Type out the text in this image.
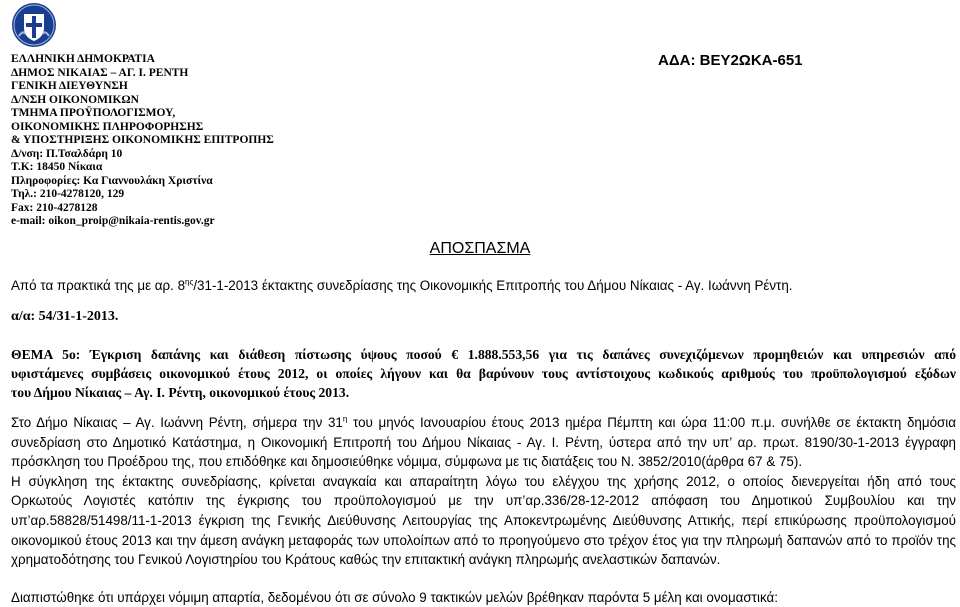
ΕΛΛΗΝΙΚΗ ΔΗΜΟΚΡΑΤΙΑ
ΔΗΜΟΣ ΝΙΚΑΙΑΣ – ΑΓ. Ι. ΡΕΝΤΗ
ΓΕΝΙΚΗ ΔΙΕΥΘΥΝΣΗ
Δ/ΝΣΗ ΟΙΚΟΝΟΜΙΚΩΝ
ΤΜΗΜΑ ΠΡΟΫΠΟΛΟΓΙΣΜΟΥ,
ΟΙΚΟΝΟΜΙΚΗΣ ΠΛΗΡΟΦΟΡΗΣΗΣ
& ΥΠΟΣΤΗΡΙΞΗΣ ΟΙΚΟΝΟΜΙΚΗΣ ΕΠΙΤΡΟΠΗΣ
Δ/νση: Π.Τσαλδάρη 10
Τ.Κ: 18450 Νίκαια
Πληροφορίες: Κα Γιαννουλάκη Χριστίνα
Τηλ.: 210-4278120, 129
Fax: 210-4278128
e-mail: oikon_proip@nikaia-rentis.gov.gr
ΑΔΑ: ΒΕΥ2ΩΚΑ-651
ΑΠΟΣΠΑΣΜΑ
Από τα πρακτικά της με αρ. $8^{\eta\varsigma}/31-1-2013$ έκτακτης συνεδρίασης της Οικονομικής Επιτροπής του Δήμου Νίκαιας - Αγ. Ιωάννη Ρέντη.
α/α: 54/31-1-2013.
ΘΕΜΑ 5ο: Έγκριση δαπάνης και διάθεση πίστωσης ύψους ποσού € 1.888.553,56 για τις δαπάνες συνεχιζόμενων προμηθειών και υπηρεσιών από
υφιστάμενες συμβάσεις οικονομικού έτους 2012, οι οποίες λήγουν και θα βαρύνουν τους αντίστοιχους κωδικούς αριθμούς του προϋπολογισμού εξόδων
του Δήμου Νίκαιας – Αγ. Ι. Ρέντη, οικονομικού έτους 2013.
Στο Δήμο Νίκαιας – Αγ. Ιωάννη Ρέντη, σήμερα την $31^\eta$ του μηνός Ιανουαρίου έτους 2013 ημέρα Πέμπτη και ώρα 11:00 π.μ. συνήλθε σε έκτακτη δημόσια
συνεδρίαση στο Δημοτικό Κατάστημα, η Οικονομική Επιτροπή του Δήμου Νίκαιας - Αγ. Ι. Ρέντη, ύστερα από την υπ’ αρ. πρωτ. 8190/30-1-2013 έγγραφη
πρόσκληση του Προέδρου της, που επιδόθηκε και δημοσιεύθηκε νόμιμα, σύμφωνα με τις διατάξεις του Ν. 3852/2010(άρθρα 67 & 75).
Η σύγκληση της έκτακτης συνεδρίασης, κρίνεται αναγκαία και απαραίτητη λόγω του ελέγχου της χρήσης 2012, ο οποίος διενεργείται ήδη από τους
Ορκωτούς Λογιστές κατόπιν της έγκρισης του προϋπολογισμού με την υπ’αρ.336/28-12-2012 απόφαση του Δημοτικού Συμβουλίου και την
υπ’αρ.58828/51498/11-1-2013 έγκριση της Γενικής Διεύθυνσης Λειτουργίας της Αποκεντρωμένης Διεύθυνσης Αττικής, περί επικύρωσης προϋπολογισμού
οικονομικού έτους 2013 και την άμεση ανάγκη μεταφοράς των υπολοίπων από το προηγούμενο στο τρέχον έτος για την πληρωμή δαπανών από το προϊόν της
χρηματοδότησης του Γενικού Λογιστηρίου του Κράτους καθώς την επιτακτική ανάγκη πληρωμής ανελαστικών δαπανών.
Διαπιστώθηκε ότι υπάρχει νόμιμη απαρτία, δεδομένου ότι σε σύνολο 9 τακτικών μελών βρέθηκαν παρόντα 5 μέλη και ονομαστικά:
